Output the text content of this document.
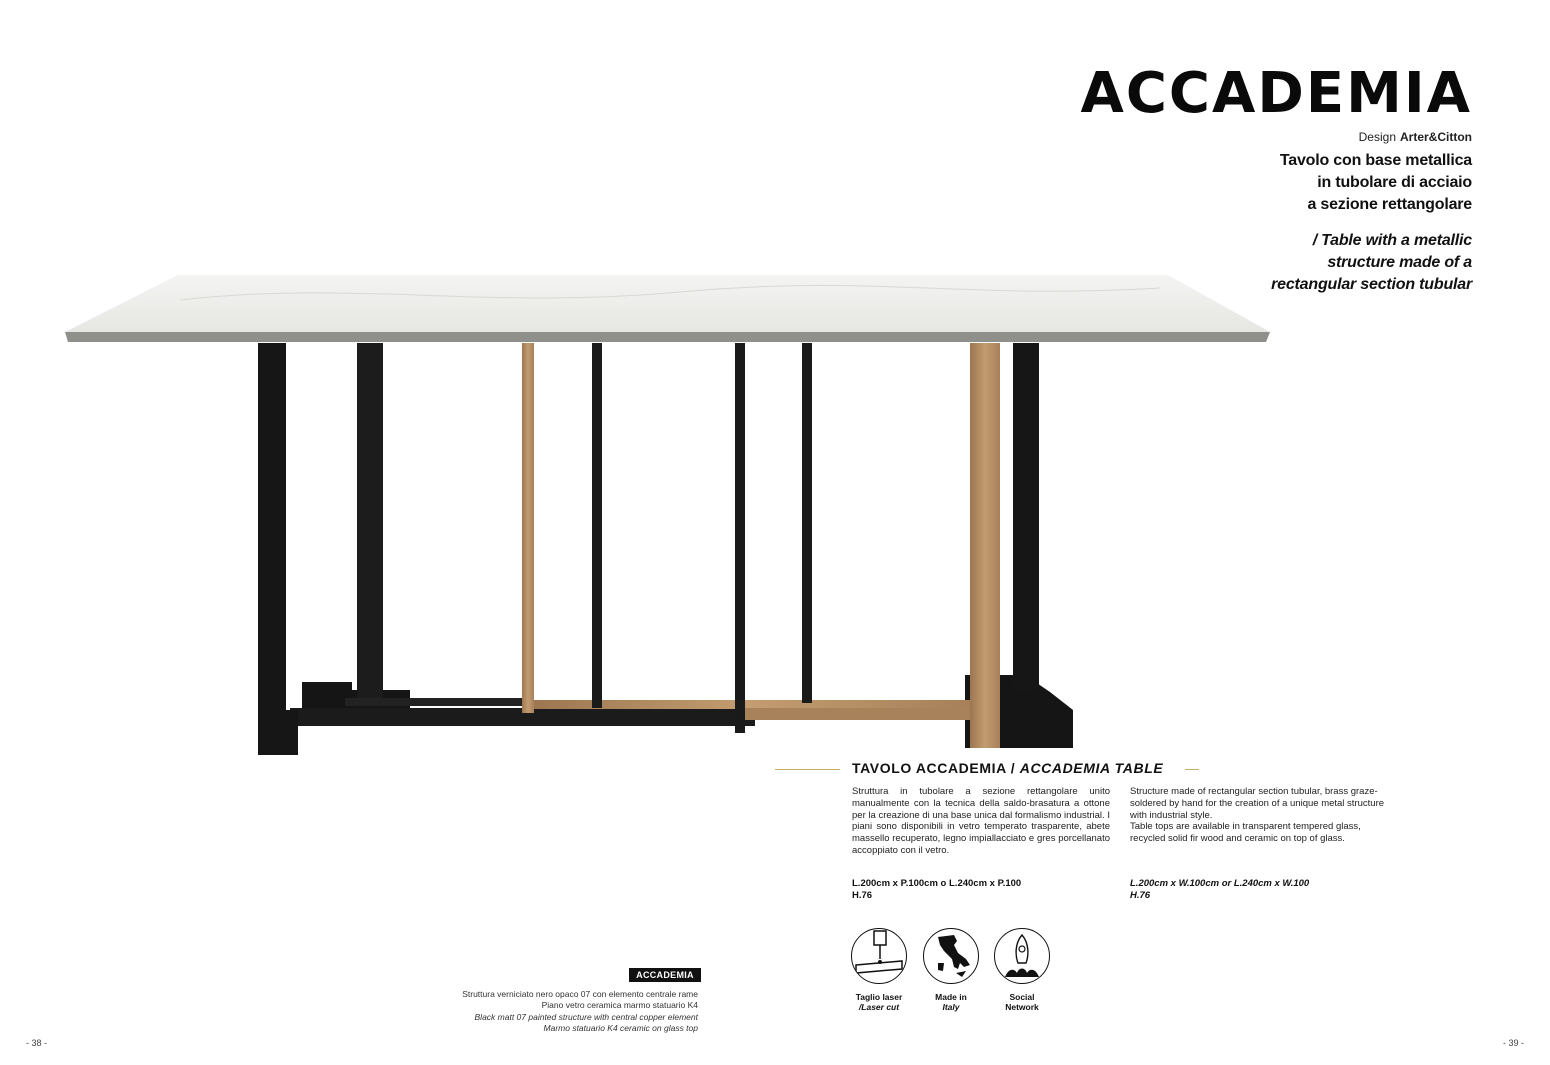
ACCADEMIA
Design Arter&Citton
Tavolo con base metallica
in tubolare di acciaio
a sezione rettangolare
/ Table with a metallic
structure made of a
rectangular section tubular
TAVOLO ACCADEMIA / ACCADEMIA TABLE
Struttura in tubolare a sezione rettangolare unito manualmente con la tecnica della saldo-brasatura a ottone per la creazione di una base unica dal formalismo industrial. I piani sono disponibili in vetro temperato trasparente, abete massello recuperato, legno impiallacciato e gres porcellanato accoppiato con il vetro.
Structure made of rectangular section tubular, brass graze-soldered by hand for the creation of a unique metal structure with industrial style.
Table tops are available in transparent tempered glass, recycled solid fir wood and ceramic on top of glass.
L.200cm x P.100cm o L.240cm x P.100
H.76
L.200cm x W.100cm or L.240cm x W.100
H.76
Taglio laser
/Laser cut
Made in
Italy
Social
Network
ACCADEMIA
Struttura verniciato nero opaco 07 con elemento centrale rame
Piano vetro ceramica marmo statuario K4
Black matt 07 painted structure with central copper element
Marmo statuario K4 ceramic on glass top
- 38 -	- 39 -
